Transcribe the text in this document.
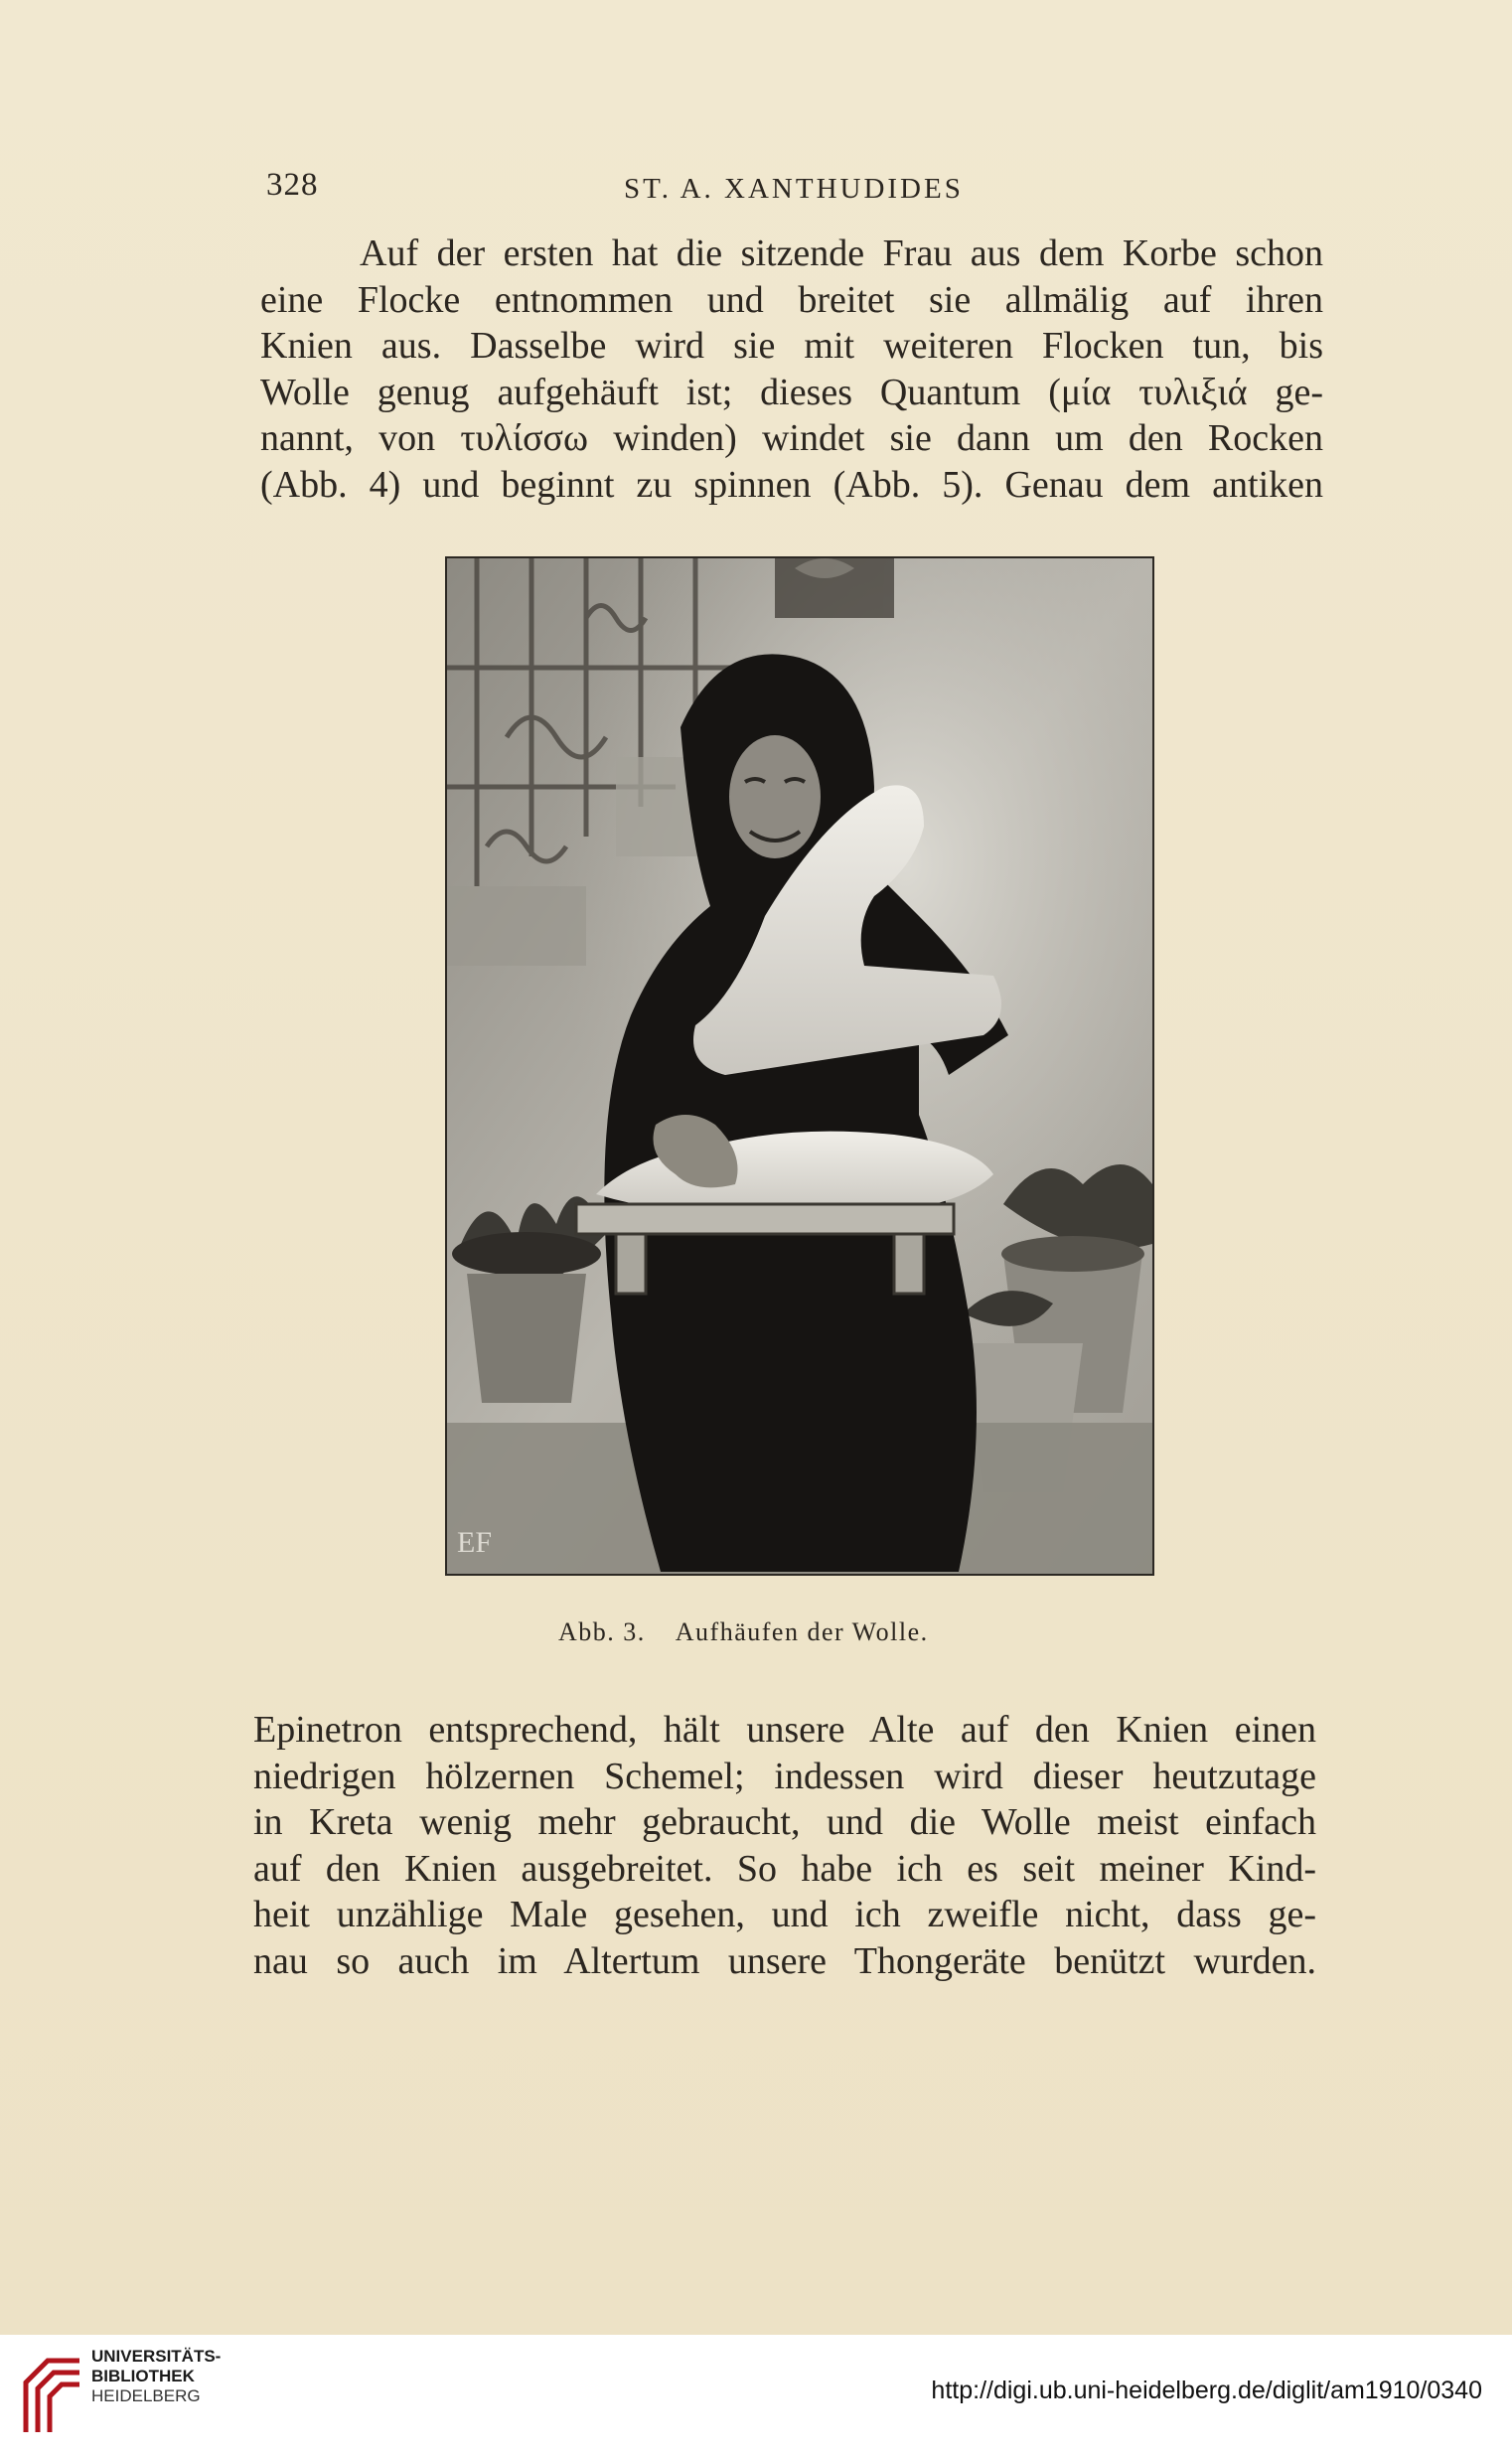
328	ST. A. XANTHUDIDES
Auf der ersten hat die sitzende Frau aus dem Korbe schon
eine Flocke entnommen und breitet sie allmälig auf ihren
Knien aus. Dasselbe wird sie mit weiteren Flocken tun, bis
Wolle genug aufgehäuft ist; dieses Quantum (μία τυλιξιά ge-
nannt, von τυλίσσω winden) windet sie dann um den Rocken
(Abb. 4) und beginnt zu spinnen (Abb. 5). Genau dem antiken
EF
Abb. 3. Aufhäufen der Wolle.
Epinetron entsprechend, hält unsere Alte auf den Knien einen
niedrigen hölzernen Schemel; indessen wird dieser heutzutage
in Kreta wenig mehr gebraucht, und die Wolle meist einfach
auf den Knien ausgebreitet. So habe ich es seit meiner Kind-
heit unzählige Male gesehen, und ich zweifle nicht, dass ge-
nau so auch im Altertum unsere Thongeräte benützt wurden.
UNIVERSITÄTS-
BIBLIOTHEK
HEIDELBERG	http://digi.ub.uni-heidelberg.de/diglit/am1910/0340
